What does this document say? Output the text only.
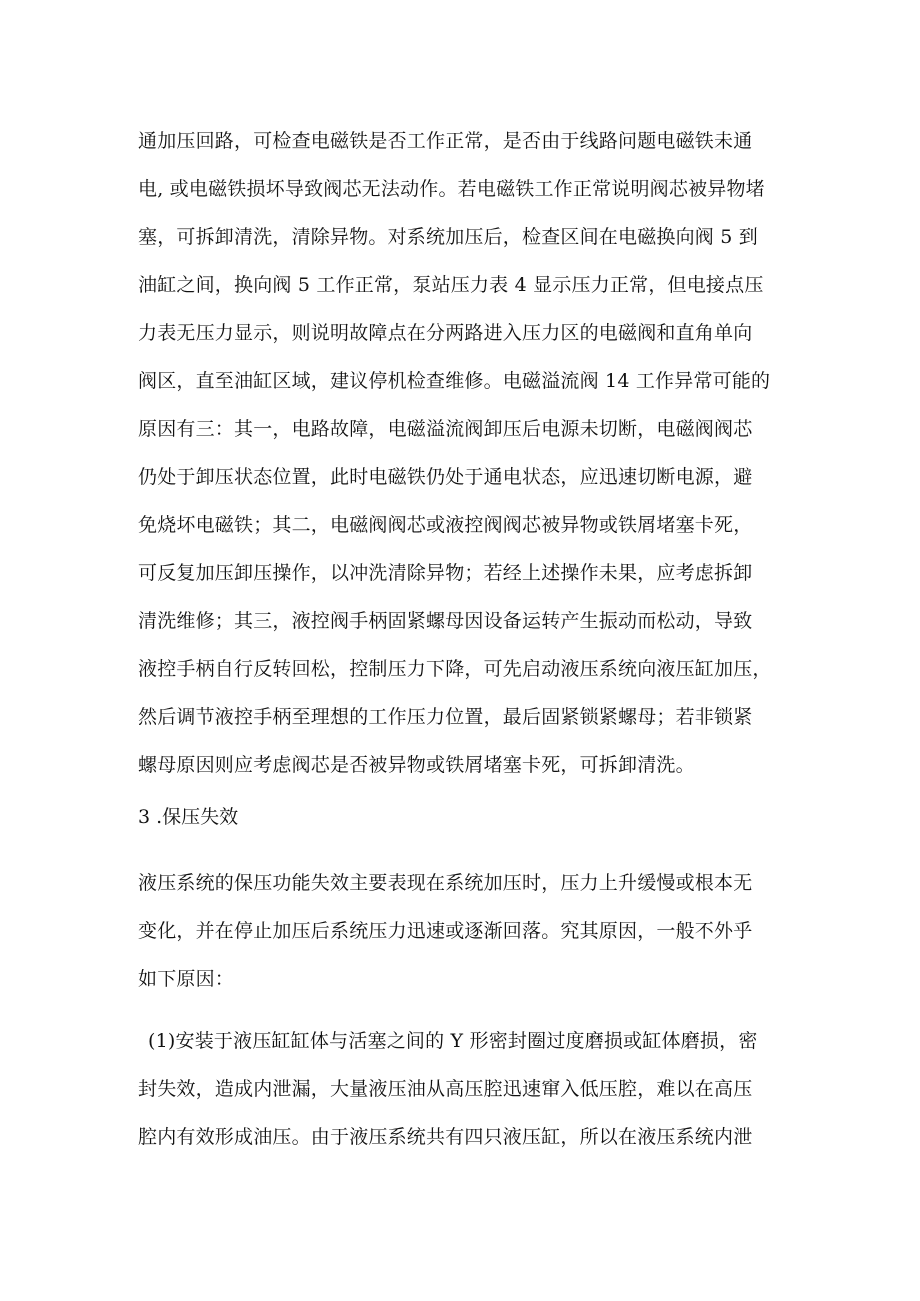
通加压回路，可检查电磁铁是否工作正常，是否由于线路问题电磁铁未通
电, 或电磁铁损坏导致阀芯无法动作。若电磁铁工作正常说明阀芯被异物堵
塞，可拆卸清洗，清除异物。对系统加压后，检查区间在电磁换向阀 5 到
油缸之间，换向阀 5 工作正常，泵站压力表 4 显示压力正常，但电接点压
力表无压力显示，则说明故障点在分两路进入压力区的电磁阀和直角单向
阀区，直至油缸区域，建议停机检查维修。电磁溢流阀 14 工作异常可能的
原因有三：其一，电路故障，电磁溢流阀卸压后电源未切断，电磁阀阀芯
仍处于卸压状态位置，此时电磁铁仍处于通电状态，应迅速切断电源，避
免烧坏电磁铁；其二，电磁阀阀芯或液控阀阀芯被异物或铁屑堵塞卡死，
可反复加压卸压操作，以冲洗清除异物；若经上述操作未果，应考虑拆卸
清洗维修；其三，液控阀手柄固紧螺母因设备运转产生振动而松动，导致
液控手柄自行反转回松，控制压力下降，可先启动液压系统向液压缸加压，
然后调节液控手柄至理想的工作压力位置，最后固紧锁紧螺母；若非锁紧
螺母原因则应考虑阀芯是否被异物或铁屑堵塞卡死，可拆卸清洗。
3 .保压失效
液压系统的保压功能失效主要表现在系统加压时，压力上升缓慢或根本无
变化，并在停止加压后系统压力迅速或逐渐回落。究其原因，一般不外乎
如下原因：
(1)安装于液压缸缸体与活塞之间的 Y 形密封圈过度磨损或缸体磨损，密
封失效，造成内泄漏，大量液压油从高压腔迅速窜入低压腔，难以在高压
腔内有效形成油压。由于液压系统共有四只液压缸，所以在液压系统内泄
